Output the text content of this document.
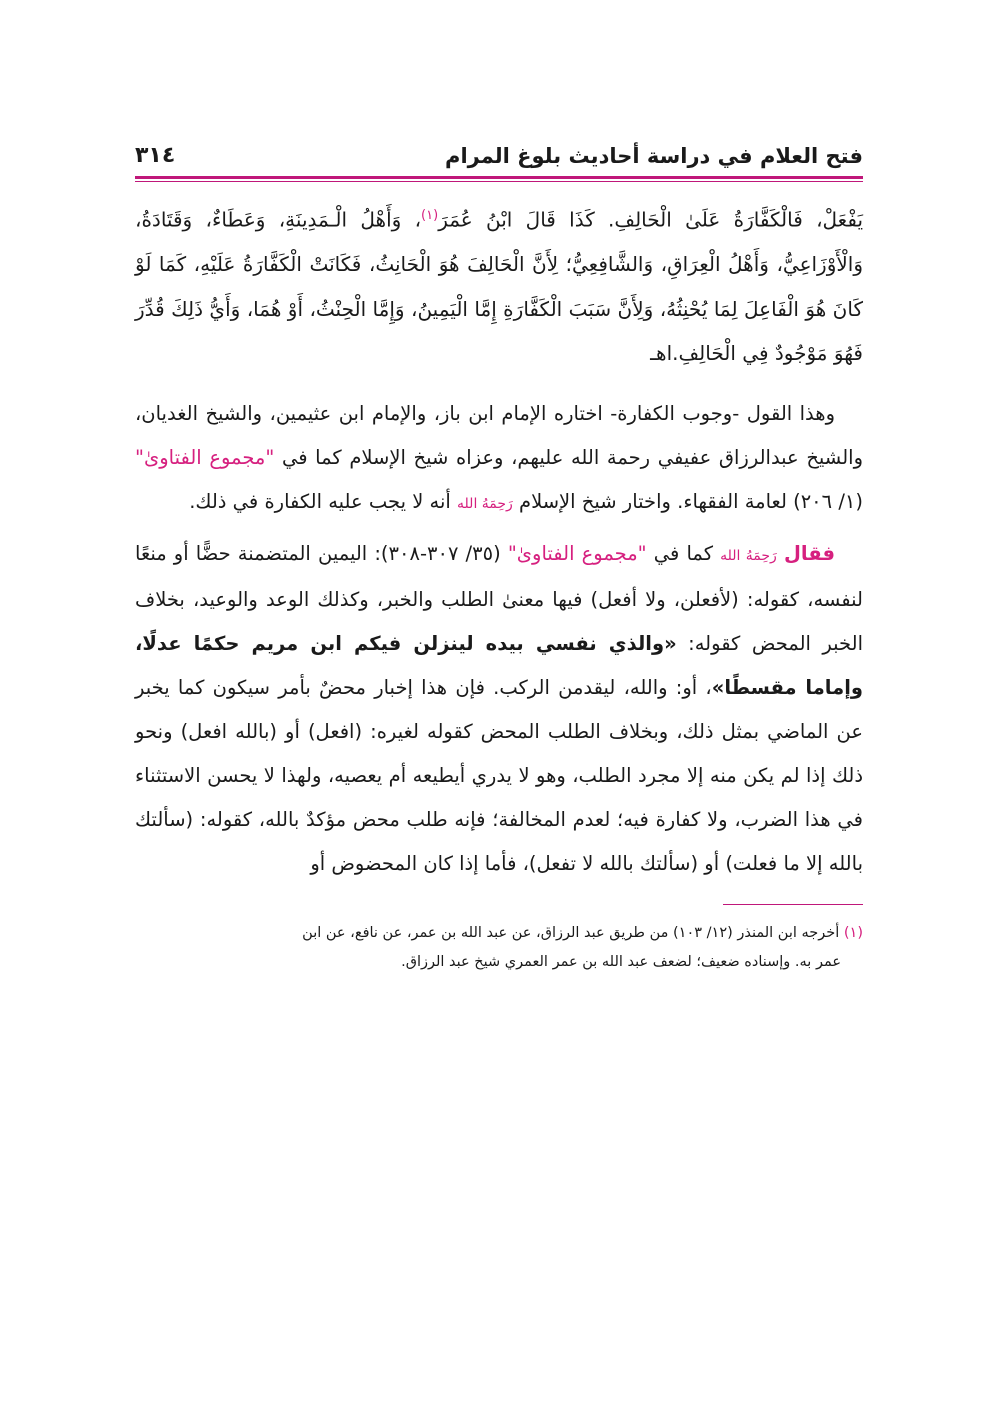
فتح العلام في دراسة أحاديث بلوغ المرام
٣١٤
يَفْعَلْ، فَالْكَفَّارَةُ عَلَىٰ الْحَالِفِ. كَذَا قَالَ ابْنُ عُمَرَ$^{(١)}$، وَأَهْلُ الْـمَدِينَةِ، وَعَطَاءٌ، وَقَتَادَةُ، وَالْأَوْزَاعِيُّ، وَأَهْلُ الْعِرَاقِ، وَالشَّافِعِيُّ؛ لِأَنَّ الْحَالِفَ هُوَ الْحَانِثُ، فَكَانَتْ الْكَفَّارَةُ عَلَيْهِ، كَمَا لَوْ كَانَ هُوَ الْفَاعِلَ لِمَا يُحْنِثُهُ، وَلِأَنَّ سَبَبَ الْكَفَّارَةِ إِمَّا الْيَمِينُ، وَإِمَّا الْحِنْثُ، أَوْ هُمَا، وَأَيُّ ذَلِكَ قُدِّرَ فَهُوَ مَوْجُودٌ فِي الْحَالِفِ.اهـ

وهذا القول -وجوب الكفارة- اختاره الإمام ابن باز، والإمام ابن عثيمين، والشيخ الغديان، والشيخ عبدالرزاق عفيفي رحمة الله عليهم، وعزاه شيخ الإسلام كما في "مجموع الفتاوىٰ" (١/ ٢٠٦) لعامة الفقهاء. واختار شيخ الإسلام رَحِمَهُ الله أنه لا يجب عليه الكفارة في ذلك.

فقال رَحِمَهُ الله كما في "مجموع الفتاوىٰ" (٣٥/ ٣٠٧-٣٠٨): اليمين المتضمنة حضًّا أو منعًا لنفسه، كقوله: (لأفعلن، ولا أفعل) فيها معنىٰ الطلب والخبر، وكذلك الوعد والوعيد، بخلاف الخبر المحض كقوله: «والذي نفسي بيده لينزلن فيكم ابن مريم حكمًا عدلًا، وإماما مقسطًا»، أو: والله، ليقدمن الركب. فإن هذا إخبار محضٌ بأمر سيكون كما يخبر عن الماضي بمثل ذلك، وبخلاف الطلب المحض كقوله لغيره: (افعل) أو (بالله افعل) ونحو ذلك إذا لم يكن منه إلا مجرد الطلب، وهو لا يدري أيطيعه أم يعصيه، ولهذا لا يحسن الاستثناء في هذا الضرب، ولا كفارة فيه؛ لعدم المخالفة؛ فإنه طلب محض مؤكدٌ بالله، كقوله: (سألتك بالله إلا ما فعلت) أو (سألتك بالله لا تفعل)، فأما إذا كان المحضوض أو

(١) أخرجه ابن المنذر (١٢/ ١٠٣) من طريق عبد الرزاق، عن عبد الله بن عمر، عن نافع، عن ابن
عمر به. وإسناده ضعيف؛ لضعف عبد الله بن عمر العمري شيخ عبد الرزاق.
